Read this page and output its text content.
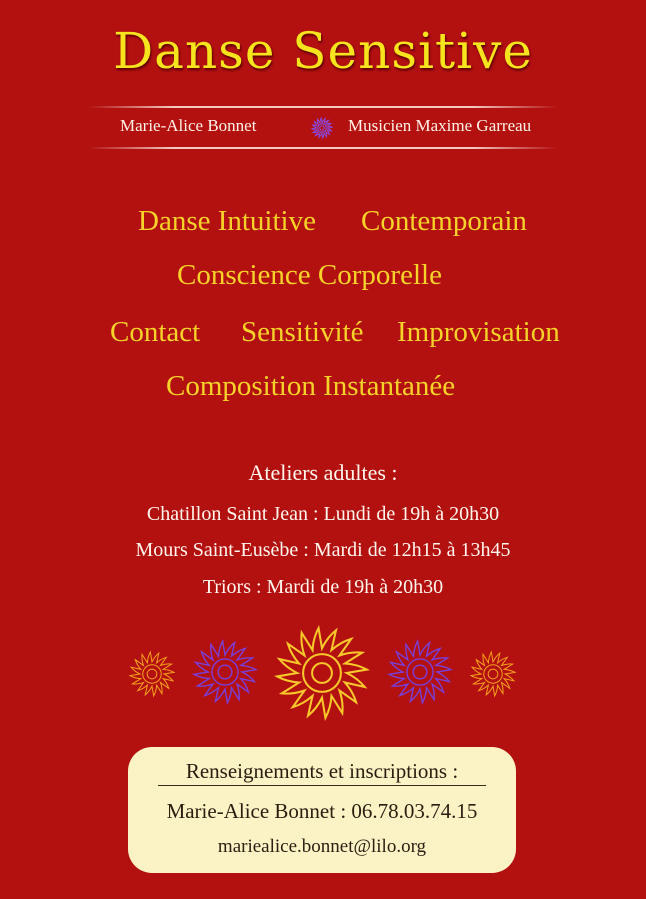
Danse Sensitive
Marie-Alice Bonnet	Musicien Maxime Garreau
Danse Intuitive Contemporain
Conscience Corporelle
Contact Sensitivité Improvisation
Composition Instantanée
Ateliers adultes :
Chatillon Saint Jean : Lundi de 19h à 20h30
Mours Saint-Eusèbe : Mardi de 12h15 à 13h45
Triors : Mardi de 19h à 20h30
Renseignements et inscriptions :
Marie-Alice Bonnet : 06.78.03.74.15
mariealice.bonnet@lilo.org
